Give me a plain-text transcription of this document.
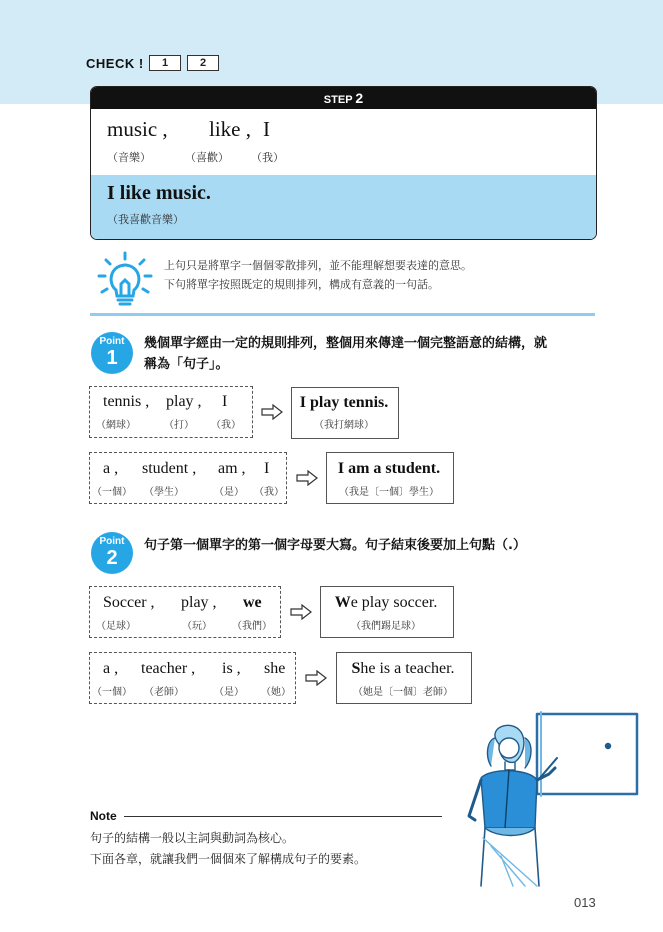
CHECK !	1	2
STEP 2
music , like , I
（音樂）	（喜歡） （我）
I like music.
（我喜歡音樂）
上句只是將單字一個個零散排列，並不能理解想要表達的意思。
下句將單字按照既定的規則排列，構成有意義的一句話。
Point
1
幾個單字經由一定的規則排列，整個用來傳達一個完整語意的結構，就
稱為「句子」。
tennis , play , I
（網球）	（打） （我）
I play tennis.
（我打網球）
a , student , am , I
（一個） （學生）	（是） （我）
I am a student.
（我是〔一個〕學生）
Point
2
句子第一個單字的第一個字母要大寫。句子結束後要加上句點（.）
Soccer , play , we
（足球）	（玩） （我們）
We play soccer.
（我們踢足球）
a , teacher , is , she
（一個） （老師）	（是） （她）
She is a teacher.
（她是〔一個〕老師）
Note
句子的結構一般以主詞與動詞為核心。
下面各章，就讓我們一個個來了解構成句子的要素。
013
